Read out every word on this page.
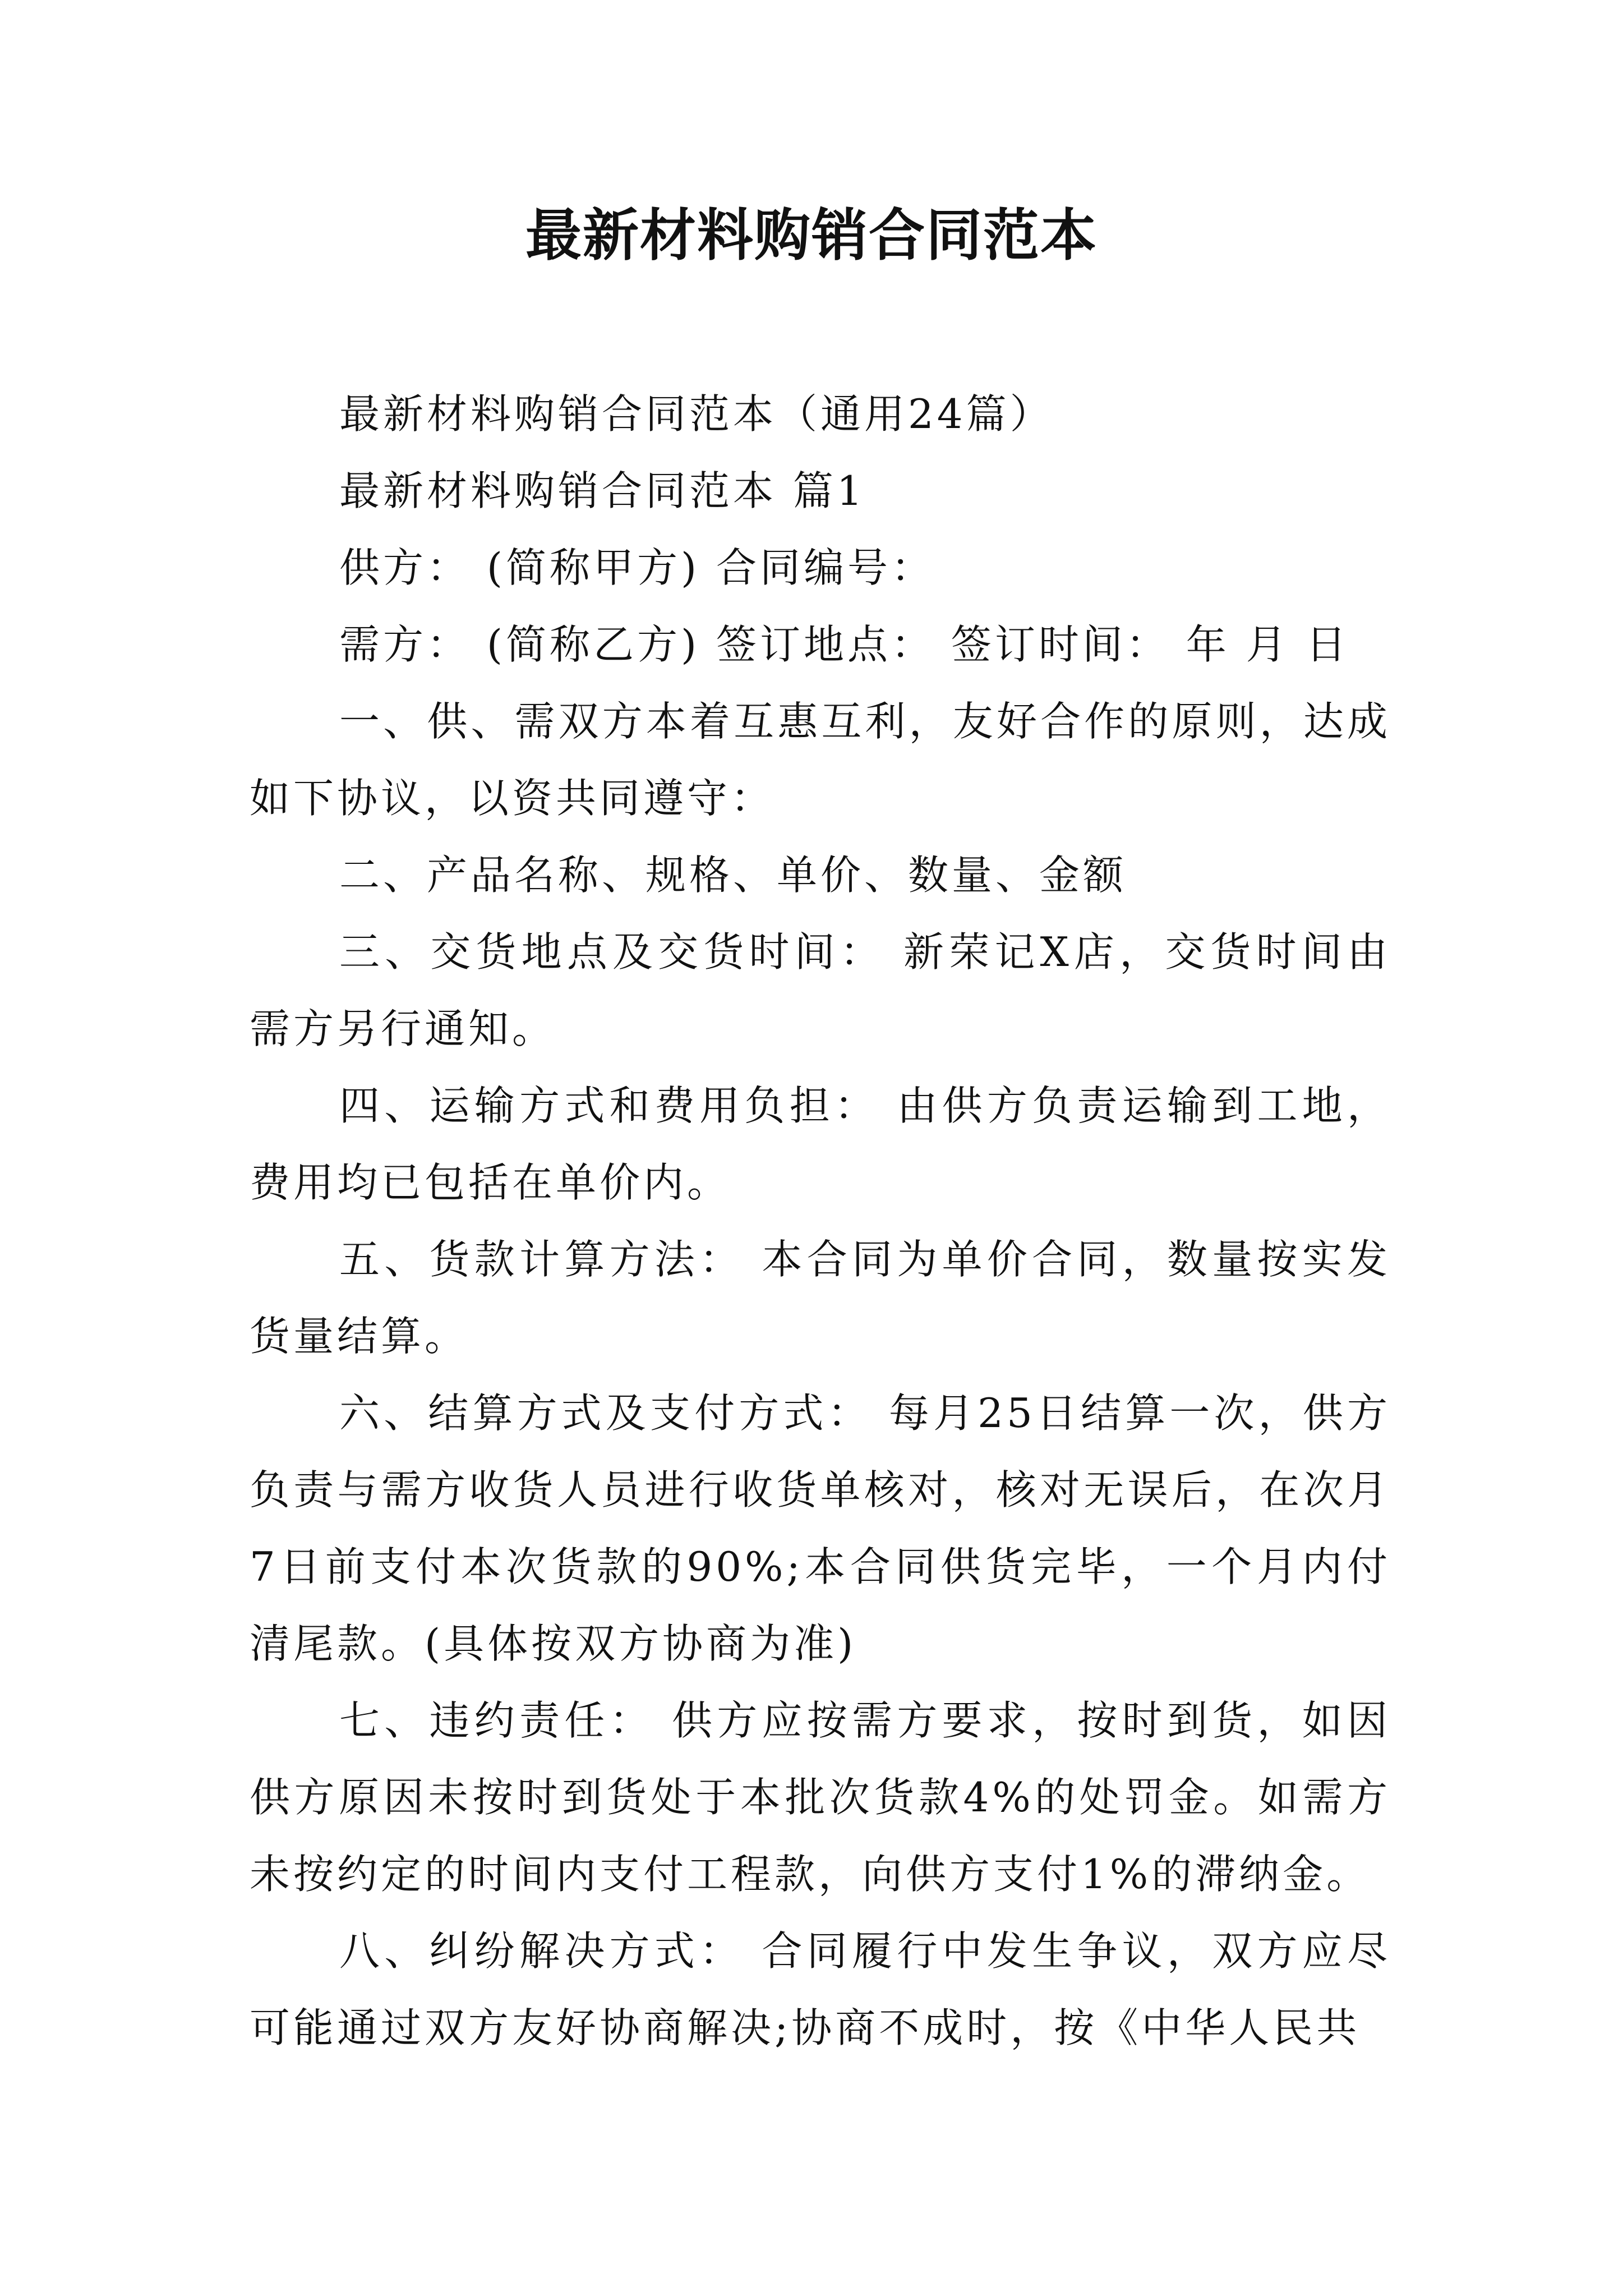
最新材料购销合同范本

最新材料购销合同范本（通用24篇）

最新材料购销合同范本 篇1

供方： (简称甲方) 合同编号：

需方： (简称乙方) 签订地点： 签订时间： 年 月 日

一、供、需双方本着互惠互利，友好合作的原则，达成如下协议，以资共同遵守：

二、产品名称、规格、单价、数量、金额

三、交货地点及交货时间： 新荣记X店，交货时间由需方另行通知。

四、运输方式和费用负担： 由供方负责运输到工地，费用均已包括在单价内。

五、货款计算方法： 本合同为单价合同，数量按实发货量结算。

六、结算方式及支付方式： 每月25日结算一次，供方负责与需方收货人员进行收货单核对，核对无误后，在次月7日前支付本次货款的90%;本合同供货完毕，一个月内付清尾款。(具体按双方协商为准)

七、违约责任： 供方应按需方要求，按时到货，如因供方原因未按时到货处于本批次货款4%的处罚金。如需方未按约定的时间内支付工程款，向供方支付1%的滞纳金。

八、纠纷解决方式： 合同履行中发生争议，双方应尽可能通过双方友好协商解决;协商不成时，按《中华人民共
